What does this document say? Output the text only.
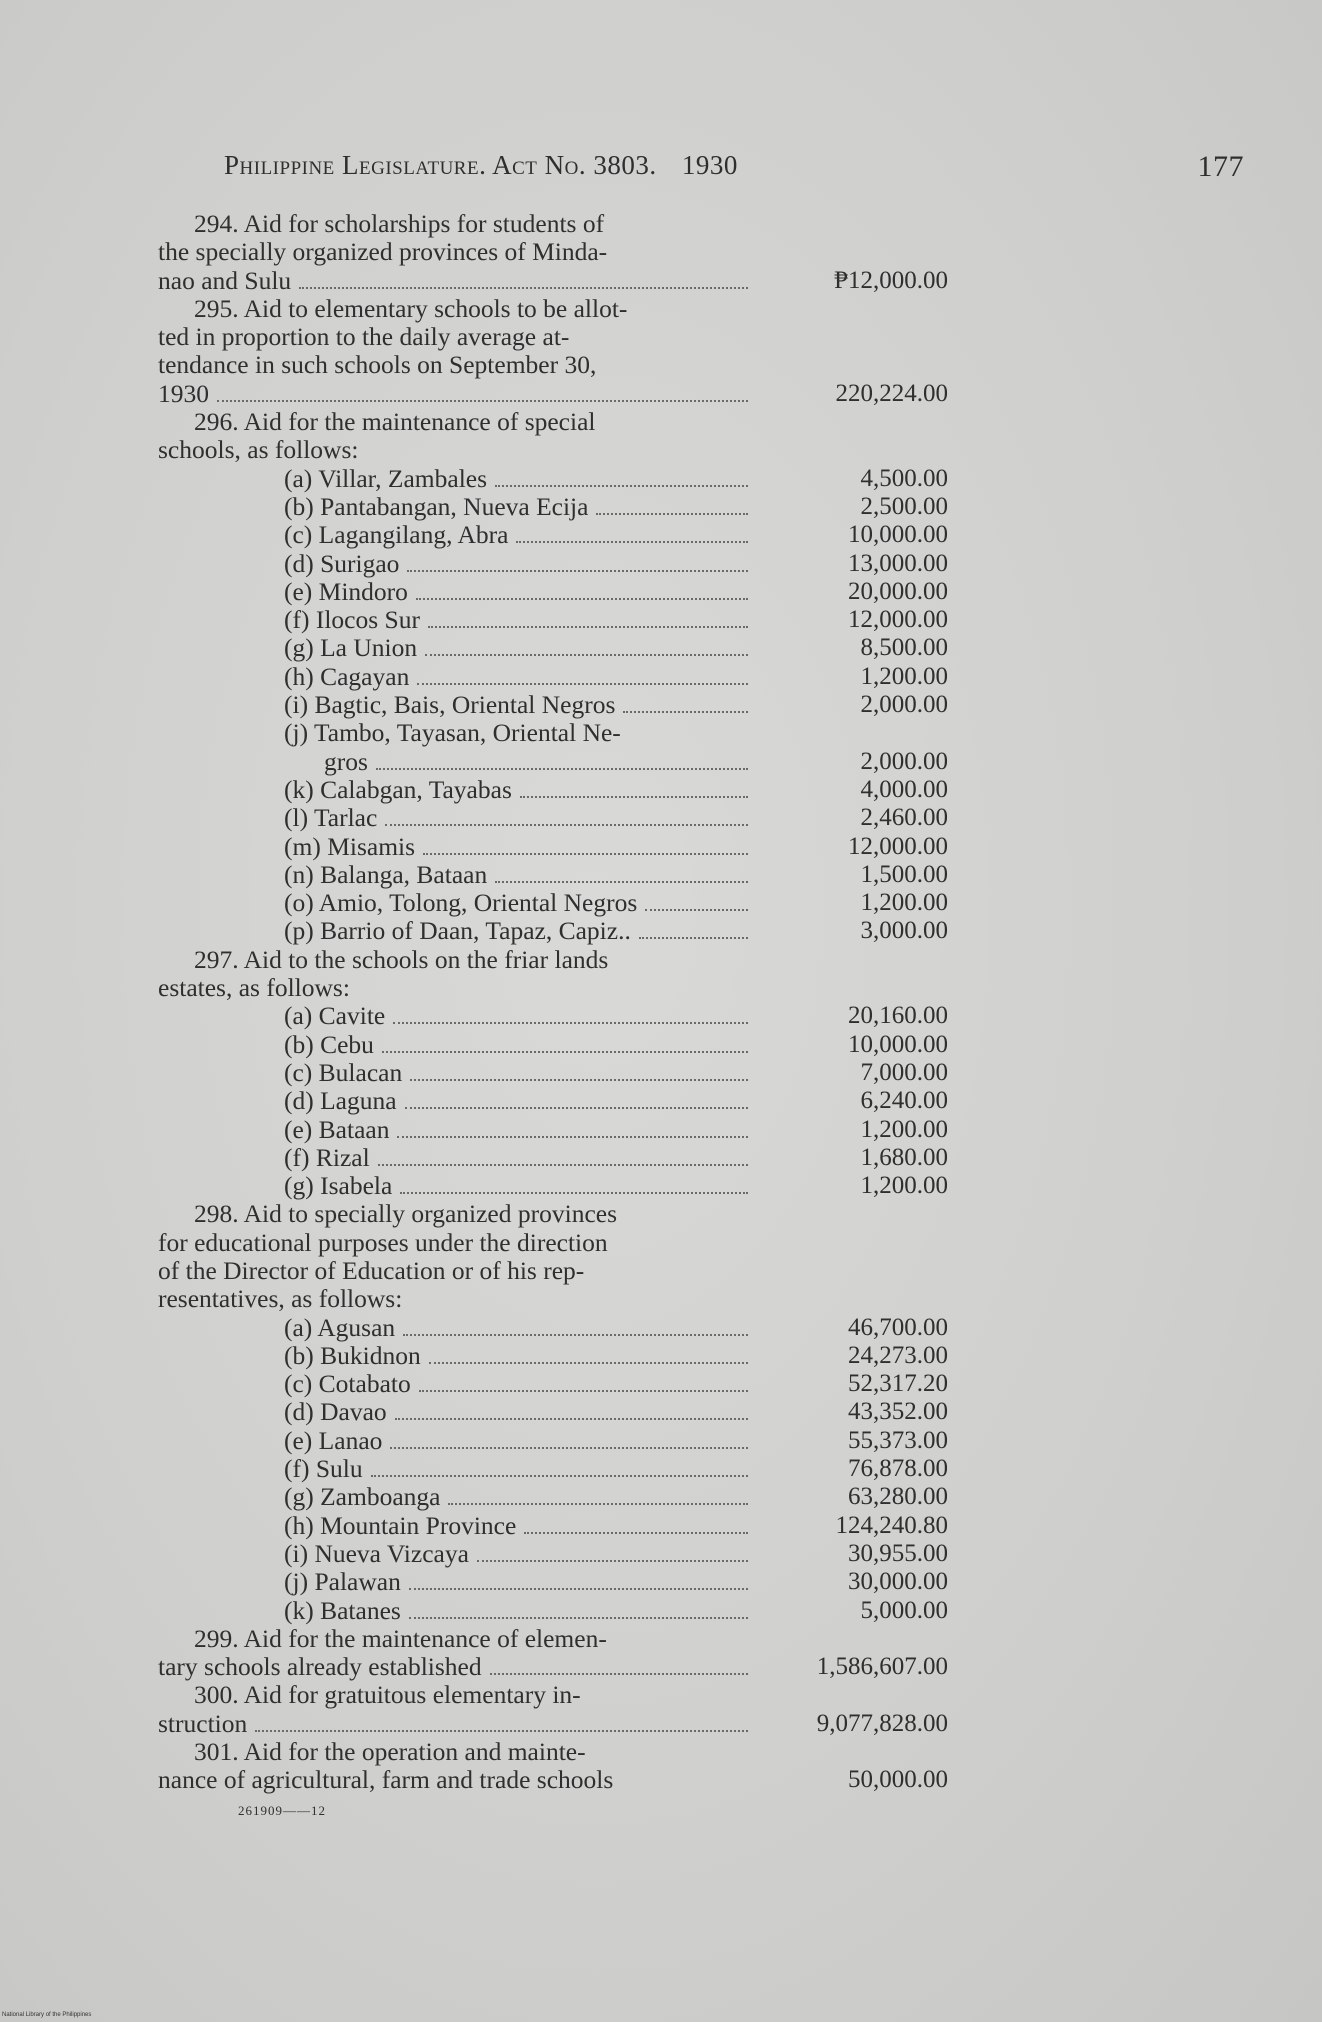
Philippine Legislature. Act No. 3803. 1930	177
294. Aid for scholarships for students of
the specially organized provinces of Minda-
nao and Sulu	₱12,000.00
295. Aid to elementary schools to be allot-
ted in proportion to the daily average at-
tendance in such schools on September 30,
1930	220,224.00
296. Aid for the maintenance of special
schools, as follows:
(a) Villar, Zambales	4,500.00
(b) Pantabangan, Nueva Ecija	2,500.00
(c) Lagangilang, Abra	10,000.00
(d) Surigao	13,000.00
(e) Mindoro	20,000.00
(f) Ilocos Sur	12,000.00
(g) La Union	8,500.00
(h) Cagayan	1,200.00
(i) Bagtic, Bais, Oriental Negros	2,000.00
(j) Tambo, Tayasan, Oriental Ne-
gros	2,000.00
(k) Calabgan, Tayabas	4,000.00
(l) Tarlac	2,460.00
(m) Misamis	12,000.00
(n) Balanga, Bataan	1,500.00
(o) Amio, Tolong, Oriental Negros	1,200.00
(p) Barrio of Daan, Tapaz, Capiz..	3,000.00
297. Aid to the schools on the friar lands
estates, as follows:
(a) Cavite	20,160.00
(b) Cebu	10,000.00
(c) Bulacan	7,000.00
(d) Laguna	6,240.00
(e) Bataan	1,200.00
(f) Rizal	1,680.00
(g) Isabela	1,200.00
298. Aid to specially organized provinces
for educational purposes under the direction
of the Director of Education or of his rep-
resentatives, as follows:
(a) Agusan	46,700.00
(b) Bukidnon	24,273.00
(c) Cotabato	52,317.20
(d) Davao	43,352.00
(e) Lanao	55,373.00
(f) Sulu	76,878.00
(g) Zamboanga	63,280.00
(h) Mountain Province	124,240.80
(i) Nueva Vizcaya	30,955.00
(j) Palawan	30,000.00
(k) Batanes	5,000.00
299. Aid for the maintenance of elemen-
tary schools already established	1,586,607.00
300. Aid for gratuitous elementary in-
struction	9,077,828.00
301. Aid for the operation and mainte-
nance of agricultural, farm and trade schools	50,000.00
261909——12
National Library of the Philippines
